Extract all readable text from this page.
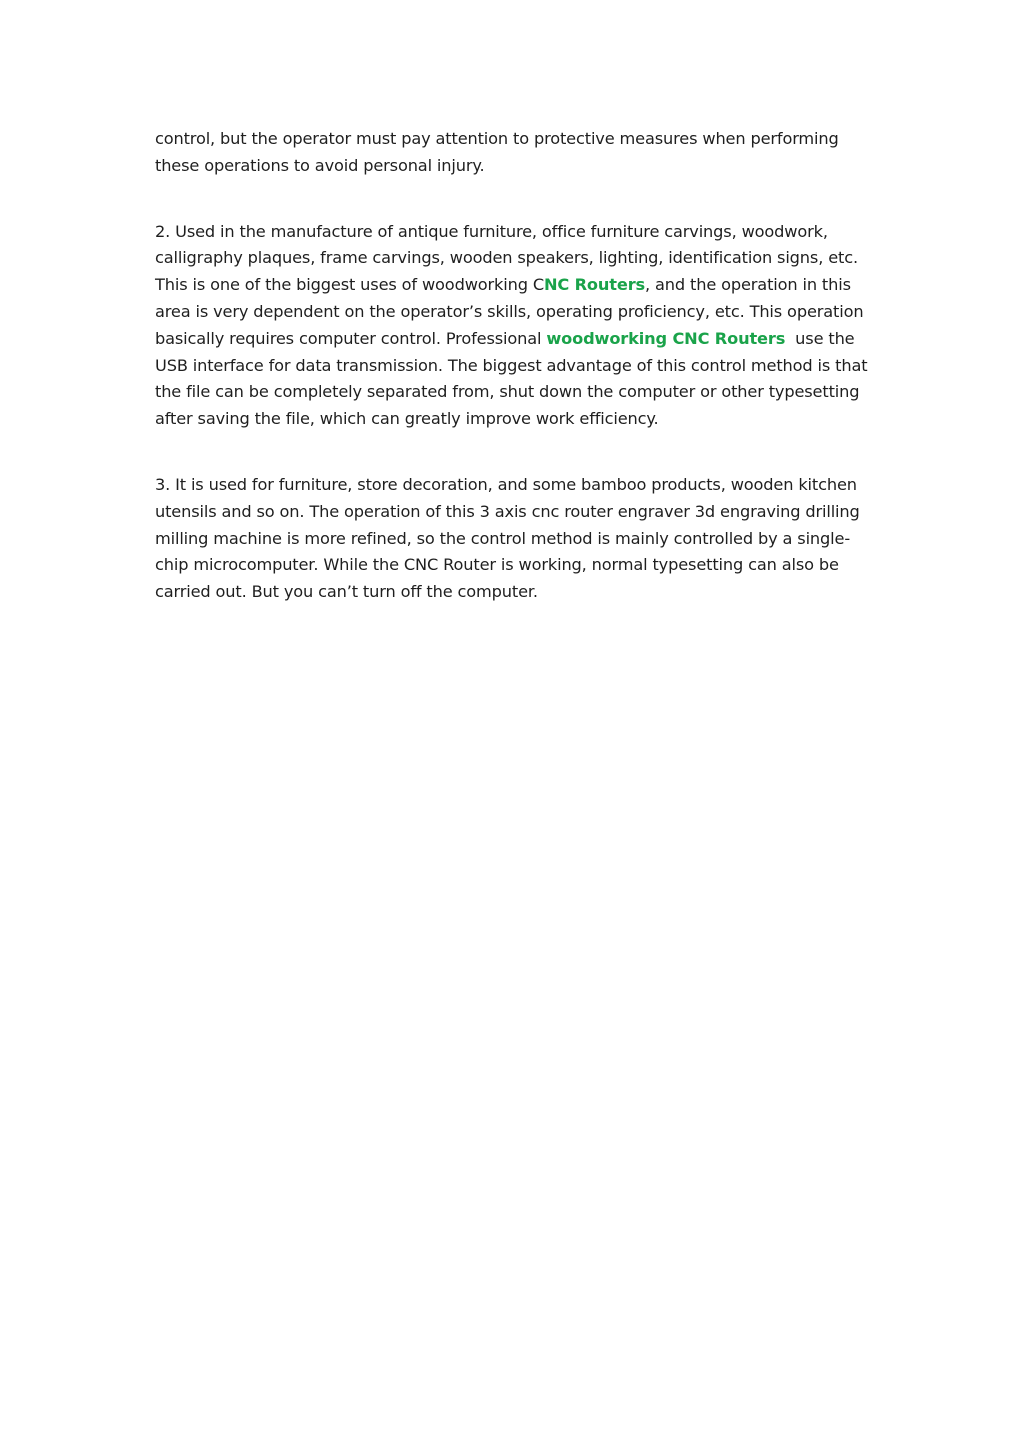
control, but the operator must pay attention to protective measures when performing these operations to avoid personal injury.

2. Used in the manufacture of antique furniture, office furniture carvings, woodwork, calligraphy plaques, frame carvings, wooden speakers, lighting, identification signs, etc. This is one of the biggest uses of woodworking CNC Routers, and the operation in this area is very dependent on the operator’s skills, operating proficiency, etc. This operation basically requires computer control. Professional woodworking CNC Routers  use the USB interface for data transmission. The biggest advantage of this control method is that the file can be completely separated from, shut down the computer or other typesetting after saving the file, which can greatly improve work efficiency.

3. It is used for furniture, store decoration, and some bamboo products, wooden kitchen utensils and so on. The operation of this 3 axis cnc router engraver 3d engraving drilling milling machine is more refined, so the control method is mainly controlled by a single-chip microcomputer. While the CNC Router is working, normal typesetting can also be carried out. But you can’t turn off the computer.
